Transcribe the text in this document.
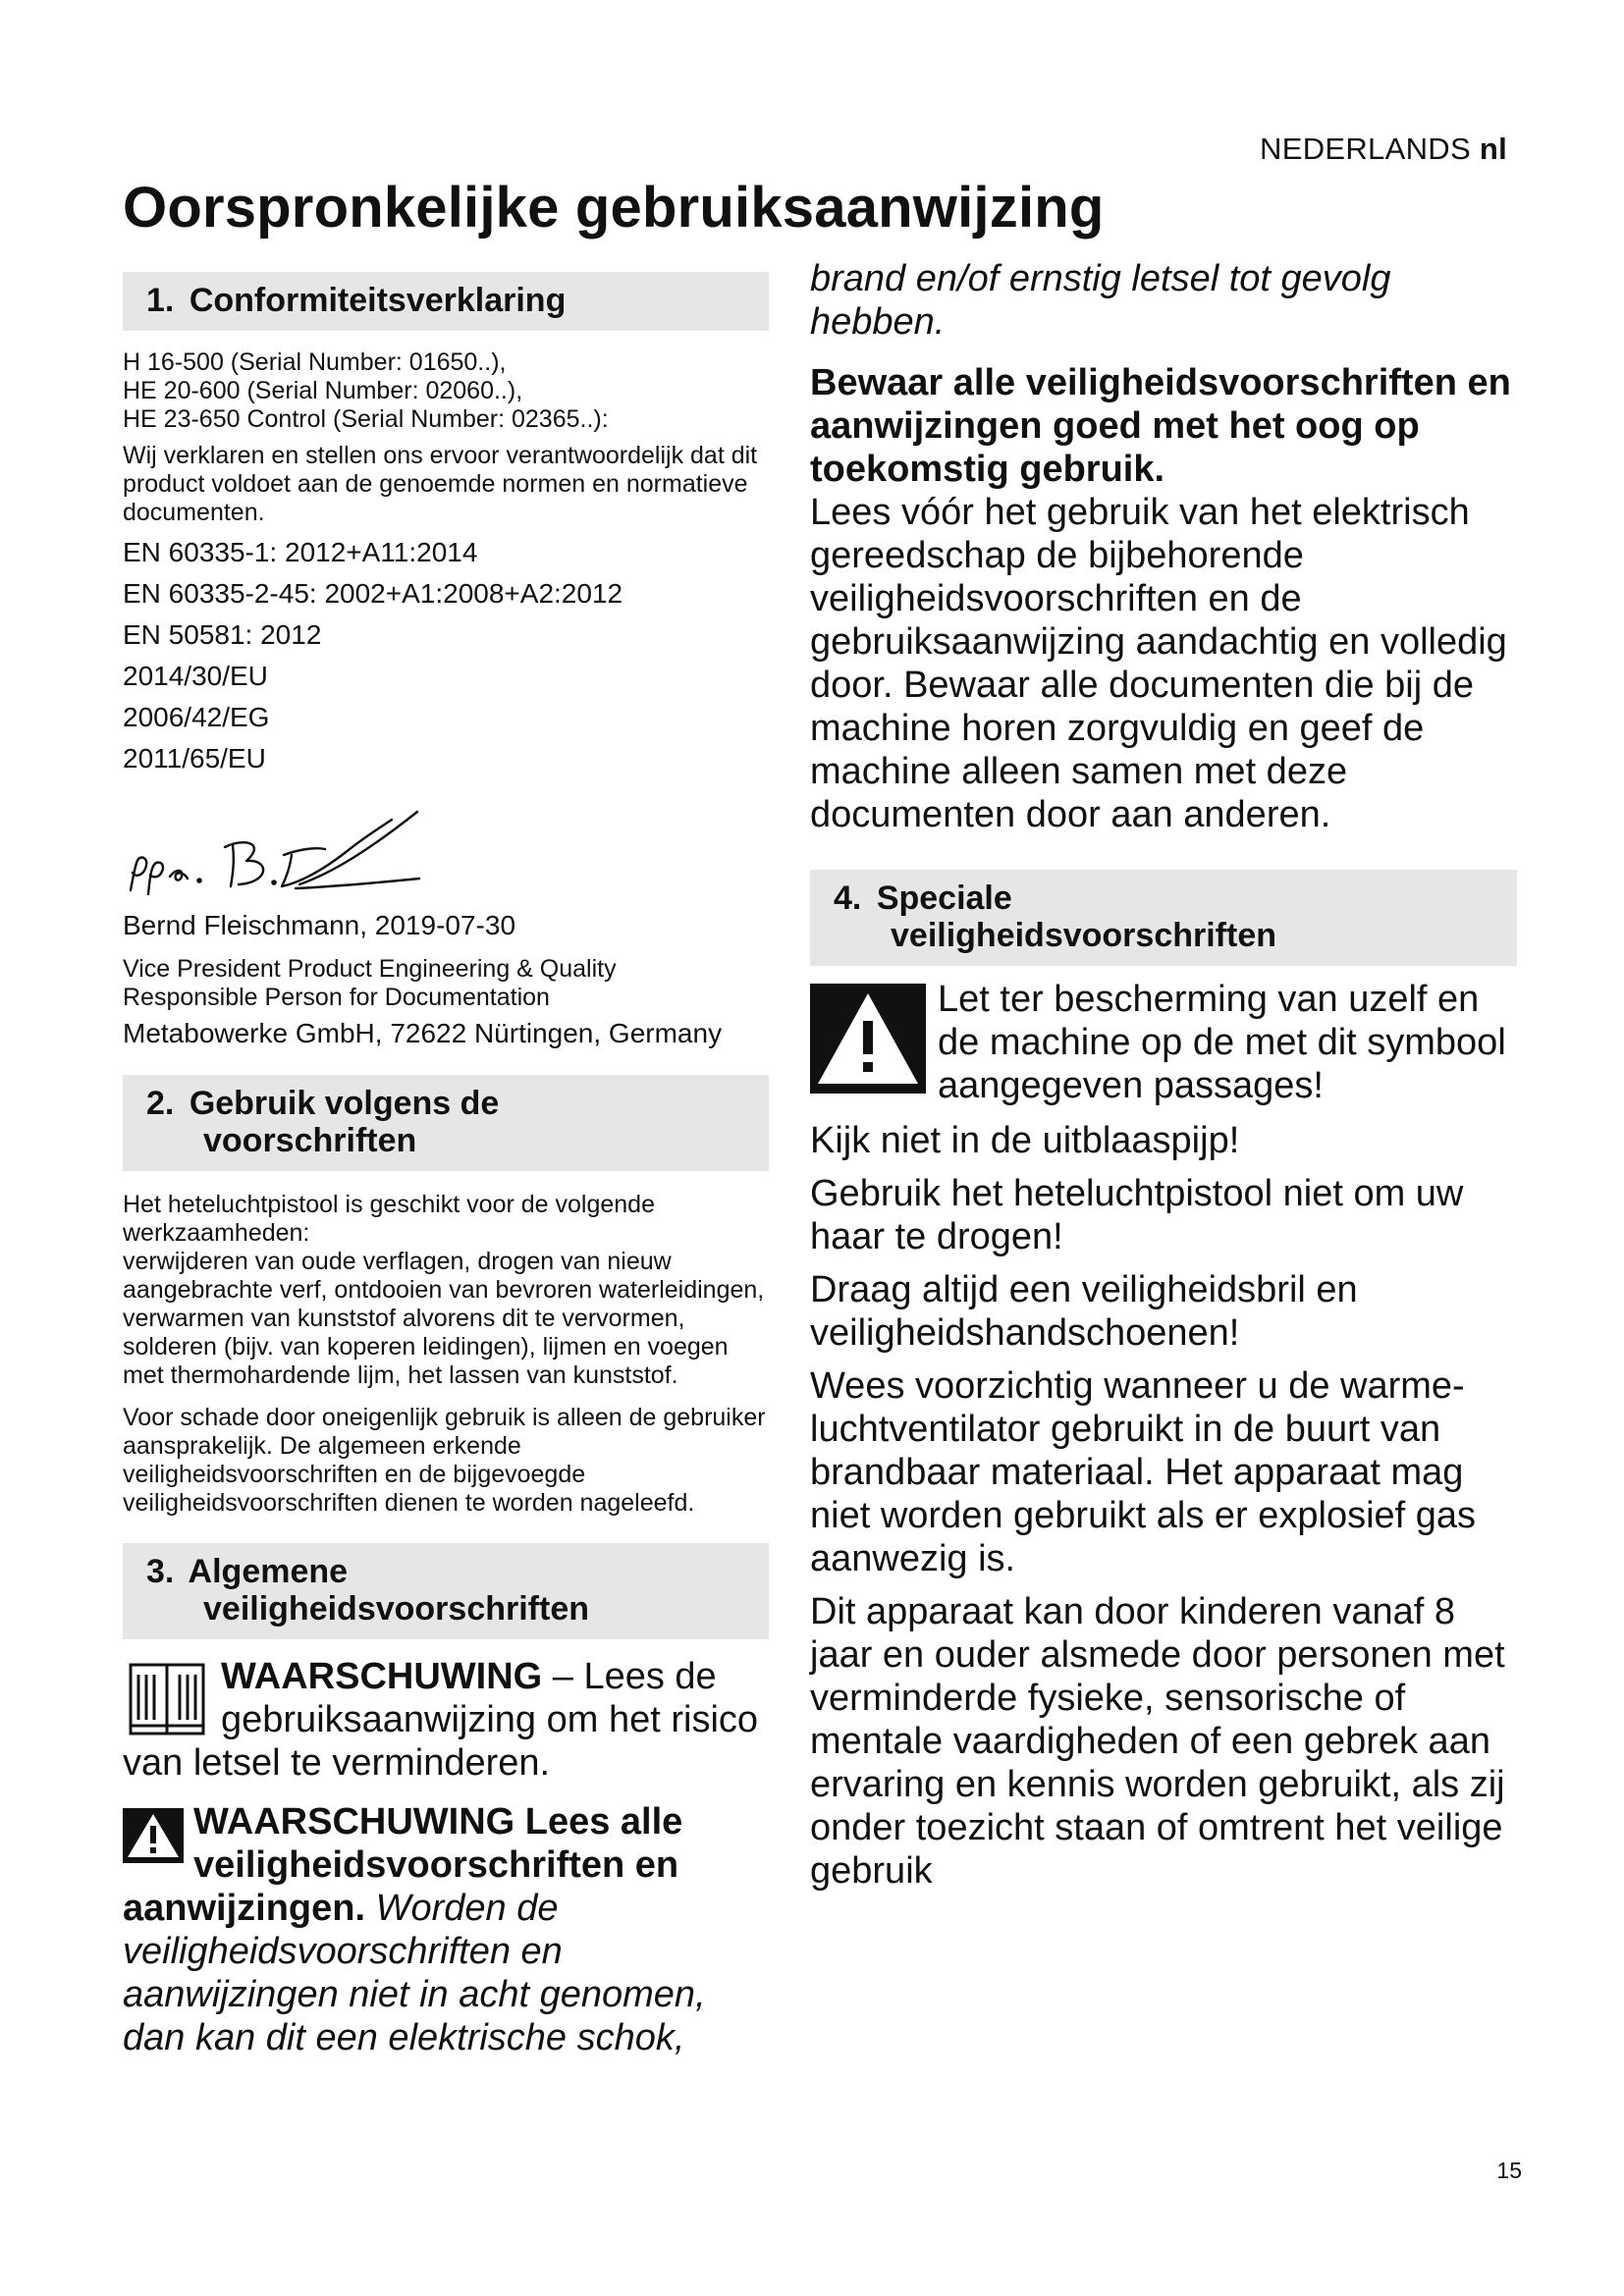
NEDERLANDS nl
Oorspronkelijke gebruiksaanwijzing
1. Conformiteitsverklaring

H 16-500 (Serial Number: 01650..),

HE 20-600 (Serial Number: 02060..),

HE 23-650 Control (Serial Number: 02365..):

Wij verklaren en stellen ons ervoor verantwoordelijk dat dit product voldoet aan de genoemde normen en normatieve documenten.

EN 60335-1: 2012+A11:2014

EN 60335-2-45: 2002+A1:2008+A2:2012

EN 50581: 2012

2014/30/EU

2006/42/EG

2011/65/EU

Bernd Fleischmann, 2019-07-30

Vice President Product Engineering & Quality

Responsible Person for Documentation

Metabowerke GmbH, 72622 Nürtingen, Germany

2. Gebruik volgens de
voorschriften

Het heteluchtpistool is geschikt voor de volgende werkzaamheden:

verwijderen van oude verflagen, drogen van nieuw aangebrachte verf, ontdooien van bevroren waterleidingen, verwarmen van kunststof alvorens dit te vervormen, solderen (bijv. van koperen leidingen), lijmen en voegen met thermohardende lijm, het lassen van kunststof.

Voor schade door oneigenlijk gebruik is alleen de gebruiker aansprakelijk. De algemeen erkende veiligheidsvoorschriften en de bijgevoegde veiligheidsvoorschriften dienen te worden nageleefd.

3. Algemene
veiligheidsvoorschriften
WAARSCHUWING – Lees de gebruiksaanwijzing om het risico van letsel te verminderen.
WAARSCHUWING Lees alle veiligheidsvoorschriften en aanwijzingen. Worden de veiligheidsvoorschriften en aanwijzingen niet in acht genomen, dan kan dit een elektrische schok,

brand en/of ernstig letsel tot gevolg hebben.

Bewaar alle veiligheidsvoorschriften en aanwijzingen goed met het oog op toekomstig gebruik.

Lees vóór het gebruik van het elektrisch gereedschap de bijbehorende veiligheidsvoorschriften en de gebruiksaanwijzing aandachtig en volledig door. Bewaar alle documenten die bij de machine horen zorgvuldig en geef de machine alleen samen met deze documenten door aan anderen.

4. Speciale
veiligheidsvoorschriften
Let ter bescherming van uzelf en de machine op de met dit symbool aangegeven passages!

Kijk niet in de uitblaaspijp!

Gebruik het heteluchtpistool niet om uw haar te drogen!

Draag altijd een veiligheidsbril en veiligheidshandschoenen!

Wees voorzichtig wanneer u de warme-luchtventilator gebruikt in de buurt van brandbaar materiaal. Het apparaat mag niet worden gebruikt als er explosief gas aanwezig is.

Dit apparaat kan door kinderen vanaf 8 jaar en ouder alsmede door personen met verminderde fysieke, sensorische of mentale vaardigheden of een gebrek aan ervaring en kennis worden gebruikt, als zij onder toezicht staan of omtrent het veilige gebruik

15
